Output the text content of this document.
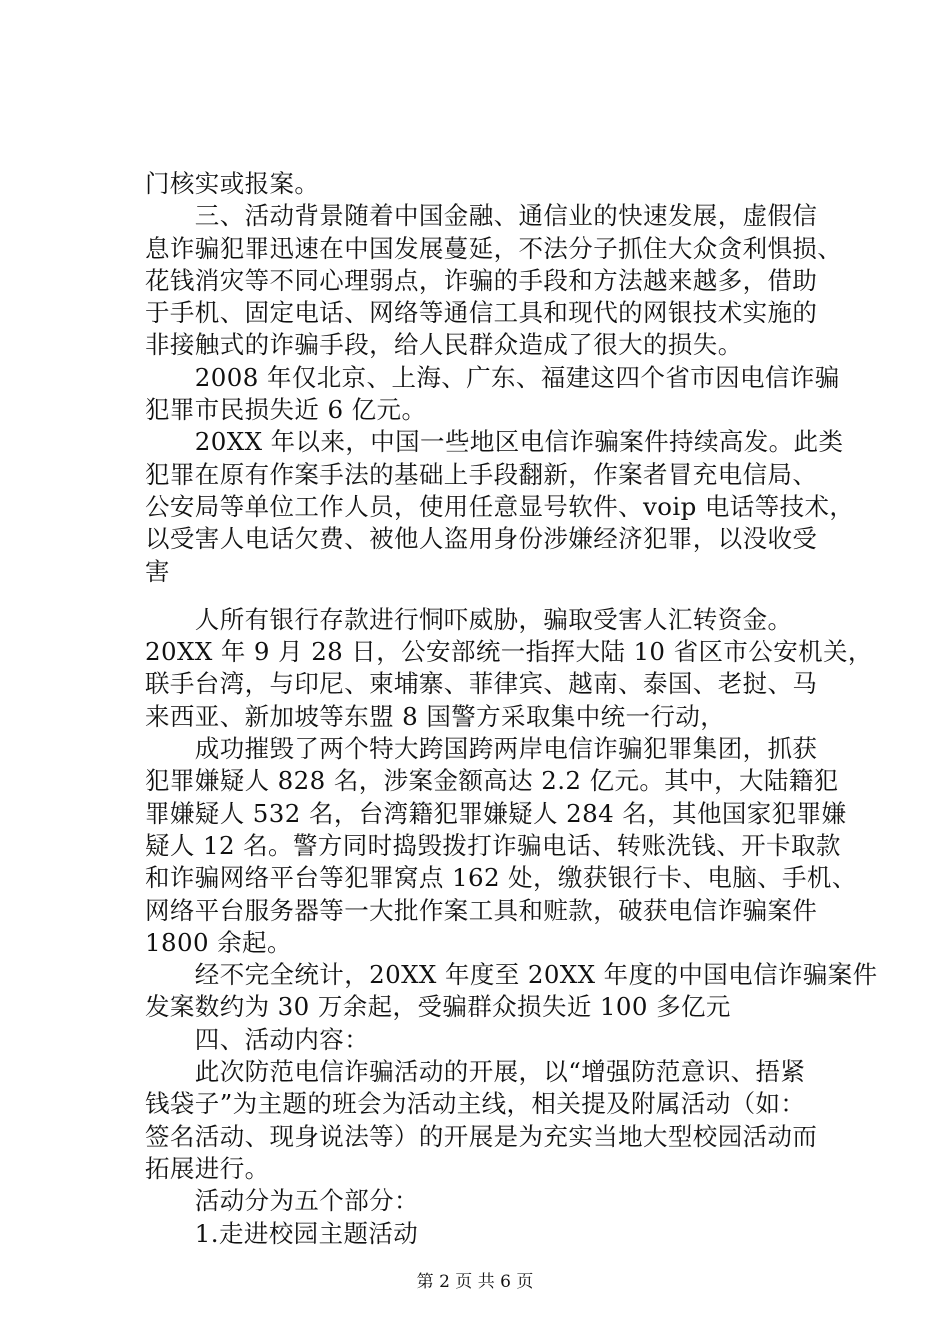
门核实或报案。
　　三、活动背景随着中国金融、通信业的快速发展，虚假信
息诈骗犯罪迅速在中国发展蔓延，不法分子抓住大众贪利惧损、
花钱消灾等不同心理弱点，诈骗的手段和方法越来越多，借助
于手机、固定电话、网络等通信工具和现代的网银技术实施的
非接触式的诈骗手段，给人民群众造成了很大的损失。
　　2008 年仅北京、上海、广东、福建这四个省市因电信诈骗
犯罪市民损失近 6 亿元。
　　20XX 年以来，中国一些地区电信诈骗案件持续高发。此类
犯罪在原有作案手法的基础上手段翻新，作案者冒充电信局、
公安局等单位工作人员，使用任意显号软件、voip 电话等技术，
以受害人电话欠费、被他人盗用身份涉嫌经济犯罪，以没收受
害
　　人所有银行存款进行恫吓威胁，骗取受害人汇转资金。
20XX 年 9 月 28 日，公安部统一指挥大陆 10 省区市公安机关，
联手台湾，与印尼、柬埔寨、菲律宾、越南、泰国、老挝、马
来西亚、新加坡等东盟 8 国警方采取集中统一行动，
　　成功摧毁了两个特大跨国跨两岸电信诈骗犯罪集团，抓获
犯罪嫌疑人 828 名，涉案金额高达 2.2 亿元。其中，大陆籍犯
罪嫌疑人 532 名，台湾籍犯罪嫌疑人 284 名，其他国家犯罪嫌
疑人 12 名。警方同时捣毁拨打诈骗电话、转账洗钱、开卡取款
和诈骗网络平台等犯罪窝点 162 处，缴获银行卡、电脑、手机、
网络平台服务器等一大批作案工具和赃款，破获电信诈骗案件
1800 余起。
　　经不完全统计，20XX 年度至 20XX 年度的中国电信诈骗案件
发案数约为 30 万余起，受骗群众损失近 100 多亿元
　　四、活动内容：
　　此次防范电信诈骗活动的开展，以“增强防范意识、捂紧
钱袋子”为主题的班会为活动主线，相关提及附属活动（如：
签名活动、现身说法等）的开展是为充实当地大型校园活动而
拓展进行。
　　活动分为五个部分：
　　1.走进校园主题活动
第 2 页 共 6 页
